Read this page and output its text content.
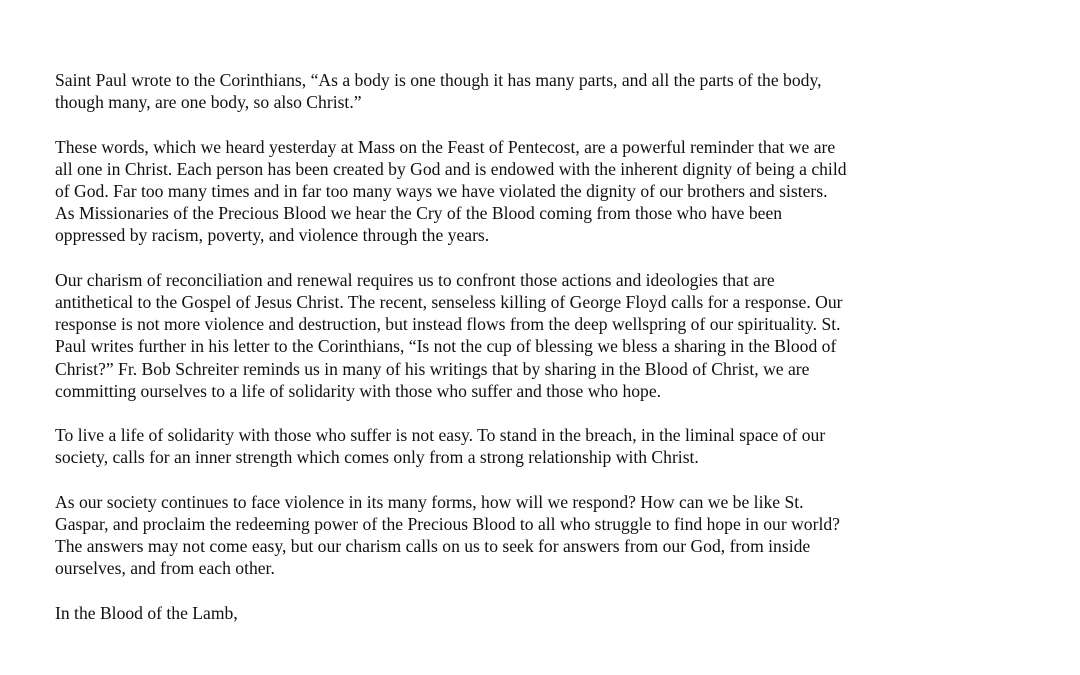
Saint Paul wrote to the Corinthians, “As a body is one though it has many parts, and all the parts of the body,
though many, are one body, so also Christ.”
These words, which we heard yesterday at Mass on the Feast of Pentecost, are a powerful reminder that we are
all one in Christ. Each person has been created by God and is endowed with the inherent dignity of being a child
of God. Far too many times and in far too many ways we have violated the dignity of our brothers and sisters.
As Missionaries of the Precious Blood we hear the Cry of the Blood coming from those who have been
oppressed by racism, poverty, and violence through the years.
Our charism of reconciliation and renewal requires us to confront those actions and ideologies that are
antithetical to the Gospel of Jesus Christ. The recent, senseless killing of George Floyd calls for a response. Our
response is not more violence and destruction, but instead flows from the deep wellspring of our spirituality. St.
Paul writes further in his letter to the Corinthians, “Is not the cup of blessing we bless a sharing in the Blood of
Christ?” Fr. Bob Schreiter reminds us in many of his writings that by sharing in the Blood of Christ, we are
committing ourselves to a life of solidarity with those who suffer and those who hope.
To live a life of solidarity with those who suffer is not easy. To stand in the breach, in the liminal space of our
society, calls for an inner strength which comes only from a strong relationship with Christ.
As our society continues to face violence in its many forms, how will we respond? How can we be like St.
Gaspar, and proclaim the redeeming power of the Precious Blood to all who struggle to find hope in our world?
The answers may not come easy, but our charism calls on us to seek for answers from our God, from inside
ourselves, and from each other.
In the Blood of the Lamb,
